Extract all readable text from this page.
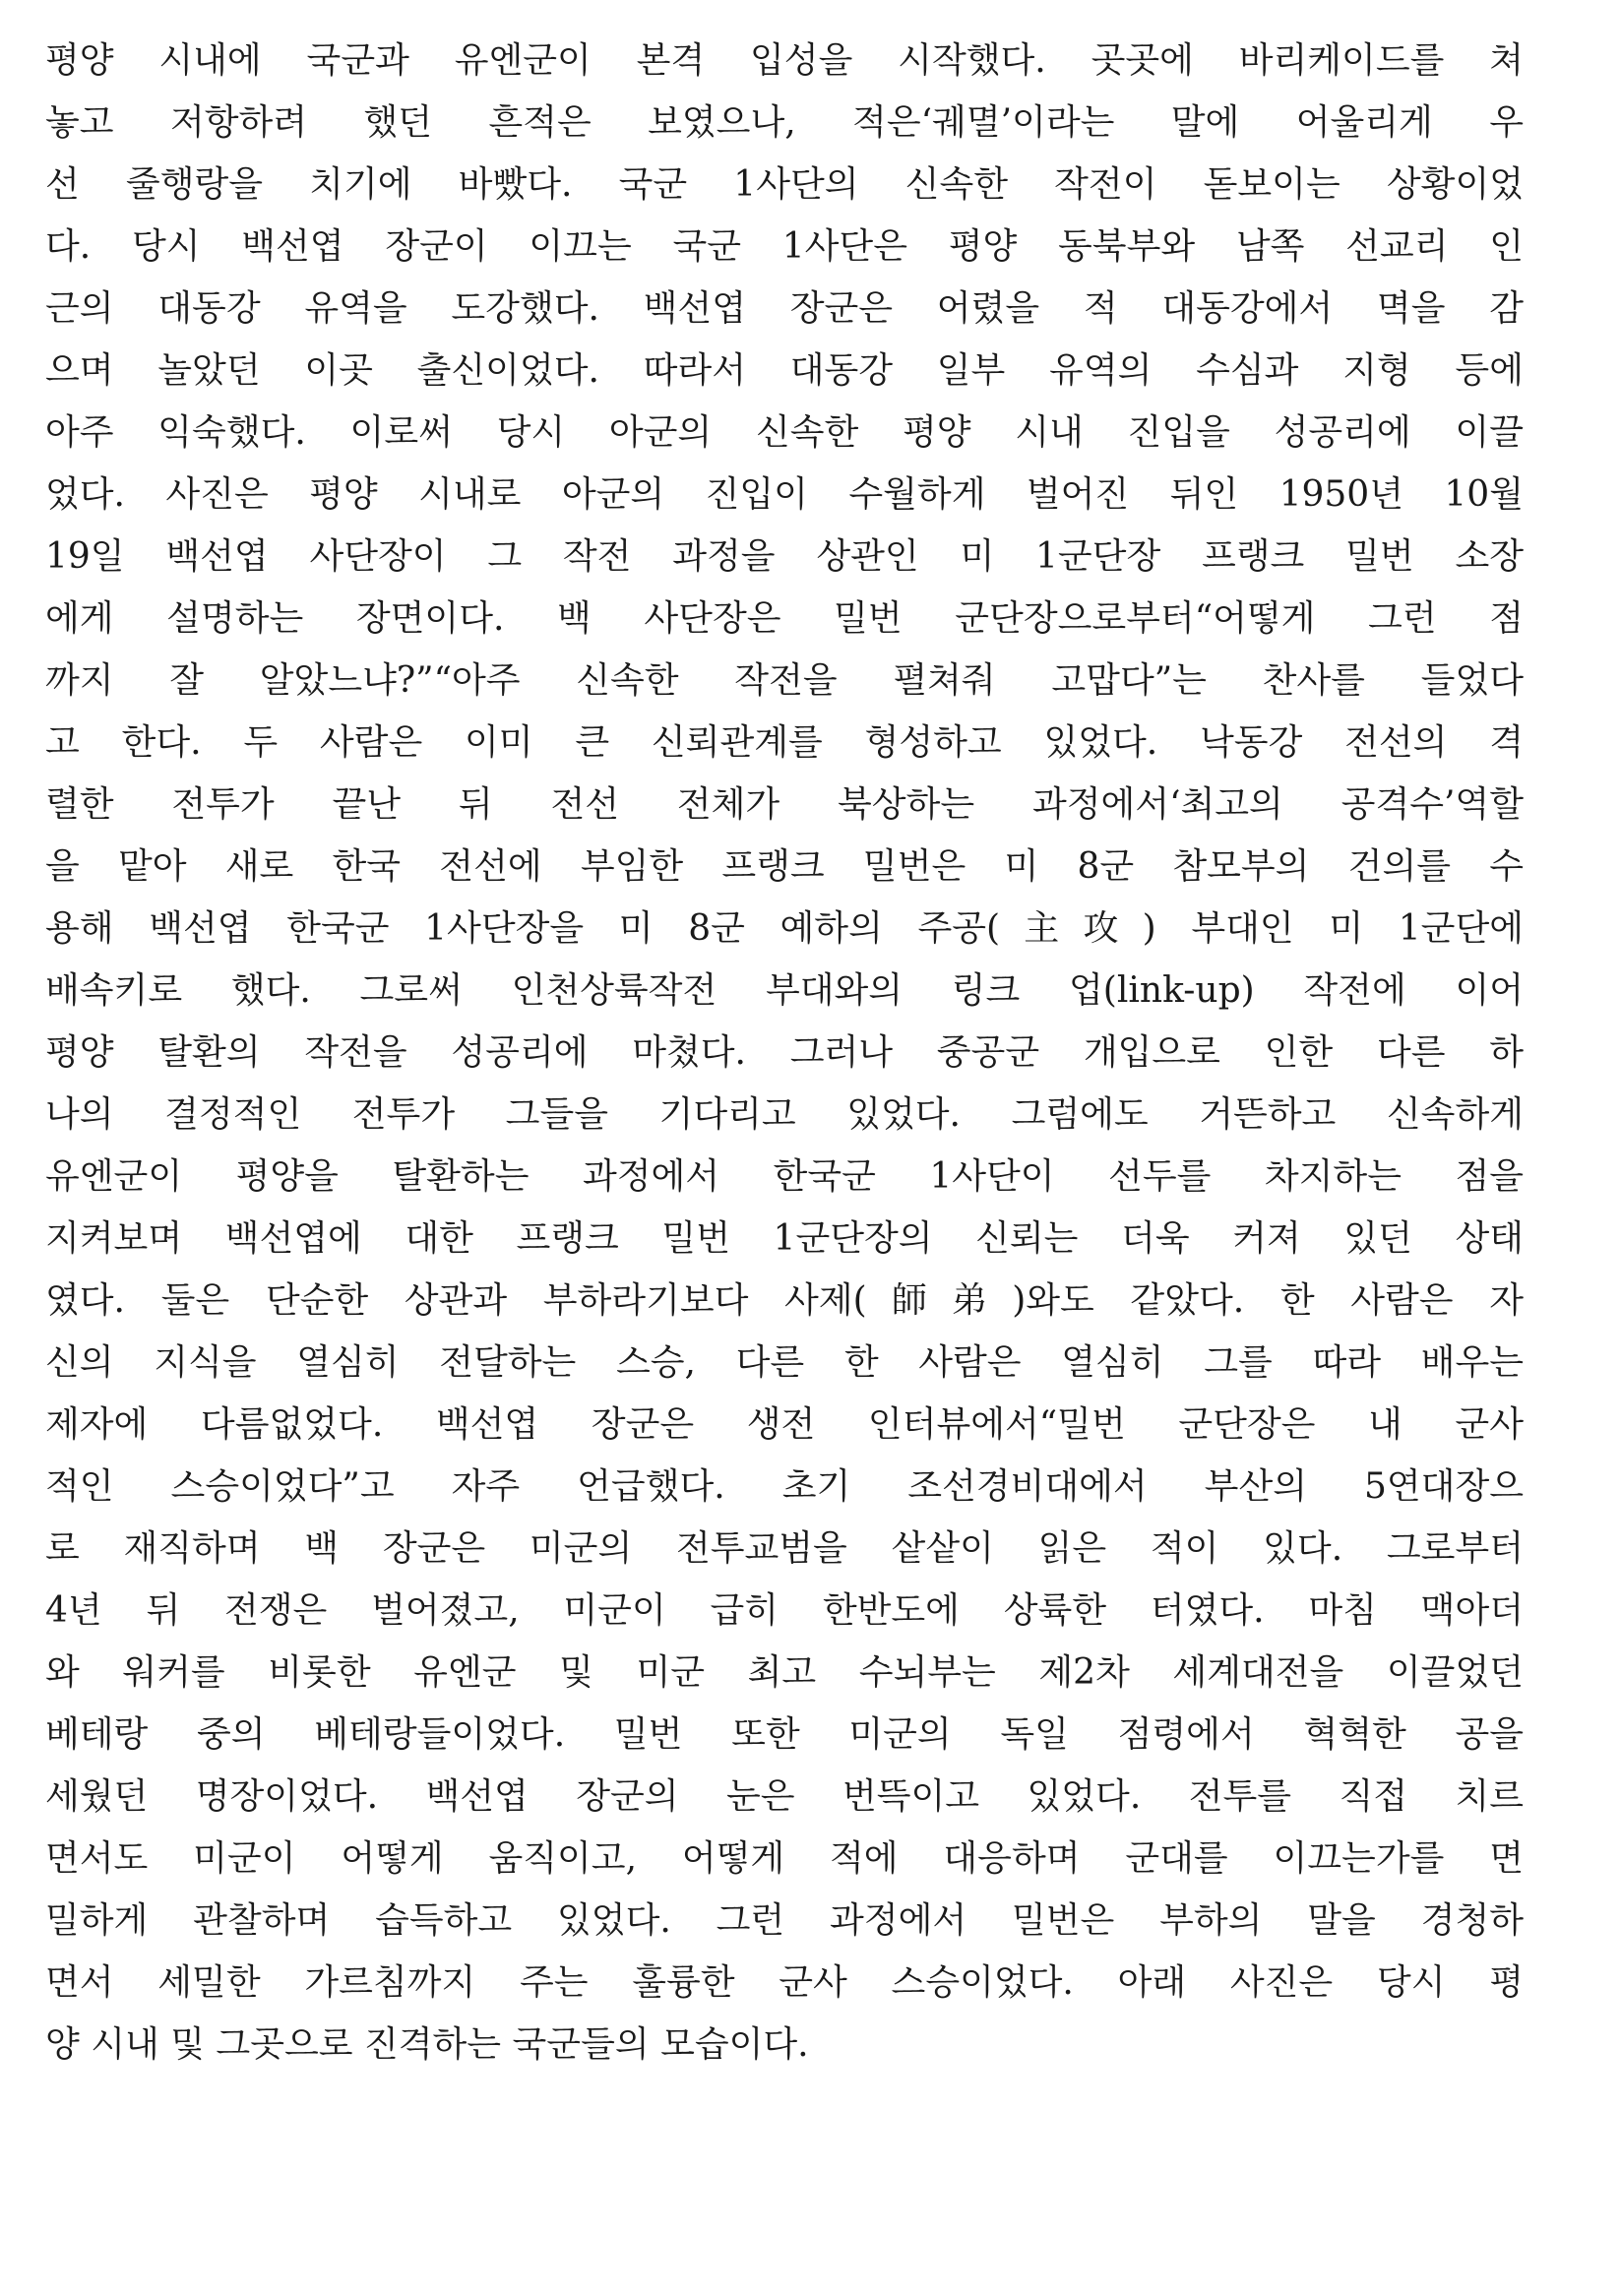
평양 시내에 국군과 유엔군이 본격 입성을 시작했다. 곳곳에 바리케이드를 쳐
놓고 저항하려 했던 흔적은 보였으나, 적은‘궤멸’이라는 말에 어울리게 우
선 줄행랑을 치기에 바빴다. 국군 1사단의 신속한 작전이 돋보이는 상황이었
다. 당시 백선엽 장군이 이끄는 국군 1사단은 평양 동북부와 남쪽 선교리 인
근의 대동강 유역을 도강했다. 백선엽 장군은 어렸을 적 대동강에서 멱을 감
으며 놀았던 이곳 출신이었다. 따라서 대동강 일부 유역의 수심과 지형 등에
아주 익숙했다. 이로써 당시 아군의 신속한 평양 시내 진입을 성공리에 이끌
었다. 사진은 평양 시내로 아군의 진입이 수월하게 벌어진 뒤인 1950년 10월
19일 백선엽 사단장이 그 작전 과정을 상관인 미 1군단장 프랭크 밀번 소장
에게 설명하는 장면이다. 백 사단장은 밀번 군단장으로부터“어떻게 그런 점
까지 잘 알았느냐?”“아주 신속한 작전을 펼쳐줘 고맙다”는 찬사를 들었다
고 한다. 두 사람은 이미 큰 신뢰관계를 형성하고 있었다. 낙동강 전선의 격
렬한 전투가 끝난 뒤 전선 전체가 북상하는 과정에서‘최고의 공격수’역할
을 맡아 새로 한국 전선에 부임한 프랭크 밀번은 미 8군 참모부의 건의를 수
용해 백선엽 한국군 1사단장을 미 8군 예하의 주공(主攻) 부대인 미 1군단에
배속키로 했다. 그로써 인천상륙작전 부대와의 링크 업(link-up) 작전에 이어
평양 탈환의 작전을 성공리에 마쳤다. 그러나 중공군 개입으로 인한 다른 하
나의 결정적인 전투가 그들을 기다리고 있었다. 그럼에도 거뜬하고 신속하게
유엔군이 평양을 탈환하는 과정에서 한국군 1사단이 선두를 차지하는 점을
지켜보며 백선엽에 대한 프랭크 밀번 1군단장의 신뢰는 더욱 커져 있던 상태
였다. 둘은 단순한 상관과 부하라기보다 사제(師弟)와도 같았다. 한 사람은 자
신의 지식을 열심히 전달하는 스승, 다른 한 사람은 열심히 그를 따라 배우는
제자에 다름없었다. 백선엽 장군은 생전 인터뷰에서“밀번 군단장은 내 군사
적인 스승이었다”고 자주 언급했다. 초기 조선경비대에서 부산의 5연대장으
로 재직하며 백 장군은 미군의 전투교범을 샅샅이 읽은 적이 있다. 그로부터
4년 뒤 전쟁은 벌어졌고, 미군이 급히 한반도에 상륙한 터였다. 마침 맥아더
와 워커를 비롯한 유엔군 및 미군 최고 수뇌부는 제2차 세계대전을 이끌었던
베테랑 중의 베테랑들이었다. 밀번 또한 미군의 독일 점령에서 혁혁한 공을
세웠던 명장이었다. 백선엽 장군의 눈은 번뜩이고 있었다. 전투를 직접 치르
면서도 미군이 어떻게 움직이고, 어떻게 적에 대응하며 군대를 이끄는가를 면
밀하게 관찰하며 습득하고 있었다. 그런 과정에서 밀번은 부하의 말을 경청하
면서 세밀한 가르침까지 주는 훌륭한 군사 스승이었다. 아래 사진은 당시 평
양 시내 및 그곳으로 진격하는 국군들의 모습이다.
